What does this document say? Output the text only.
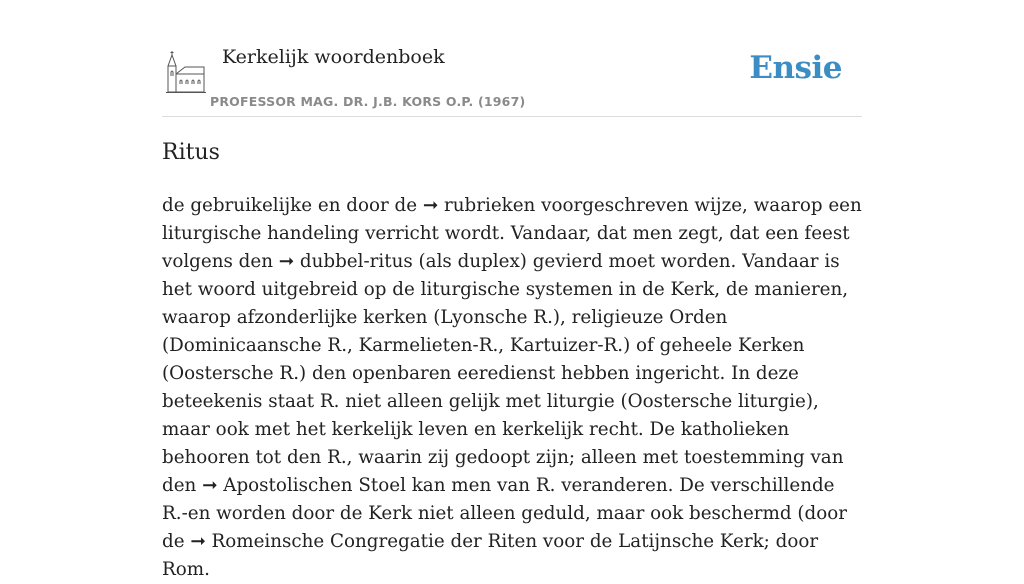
Kerkelijk woordenboek
PROFESSOR MAG. DR. J.B. KORS O.P. (1967)
Ensie
Ritus

de gebruikelijke en door de ➞ rubrieken voorgeschreven wijze, waarop een liturgische handeling verricht wordt. Vandaar, dat men zegt, dat een feest volgens den ➞ dubbel-ritus (als duplex) gevierd moet worden. Vandaar is het woord uitgebreid op de liturgische systemen in de Kerk, de manieren, waarop afzonderlijke kerken (Lyonsche R.), religieuze Orden (Dominicaansche R., Karmelieten-R., Kartuizer-R.) of geheele Kerken (Oostersche R.) den openbaren eeredienst hebben ingericht. In deze beteekenis staat R. niet alleen gelijk met liturgie (Oostersche liturgie), maar ook met het kerkelijk leven en kerkelijk recht. De katholieken behooren tot den R., waarin zij gedoopt zijn; alleen met toestemming van den ➞ Apostolischen Stoel kan men van R. veranderen. De verschillende R.-en worden door de Kerk niet alleen geduld, maar ook beschermd (door de ➞ Romeinsche Congregatie der Riten voor de Latijnsche Kerk; door Rom.
